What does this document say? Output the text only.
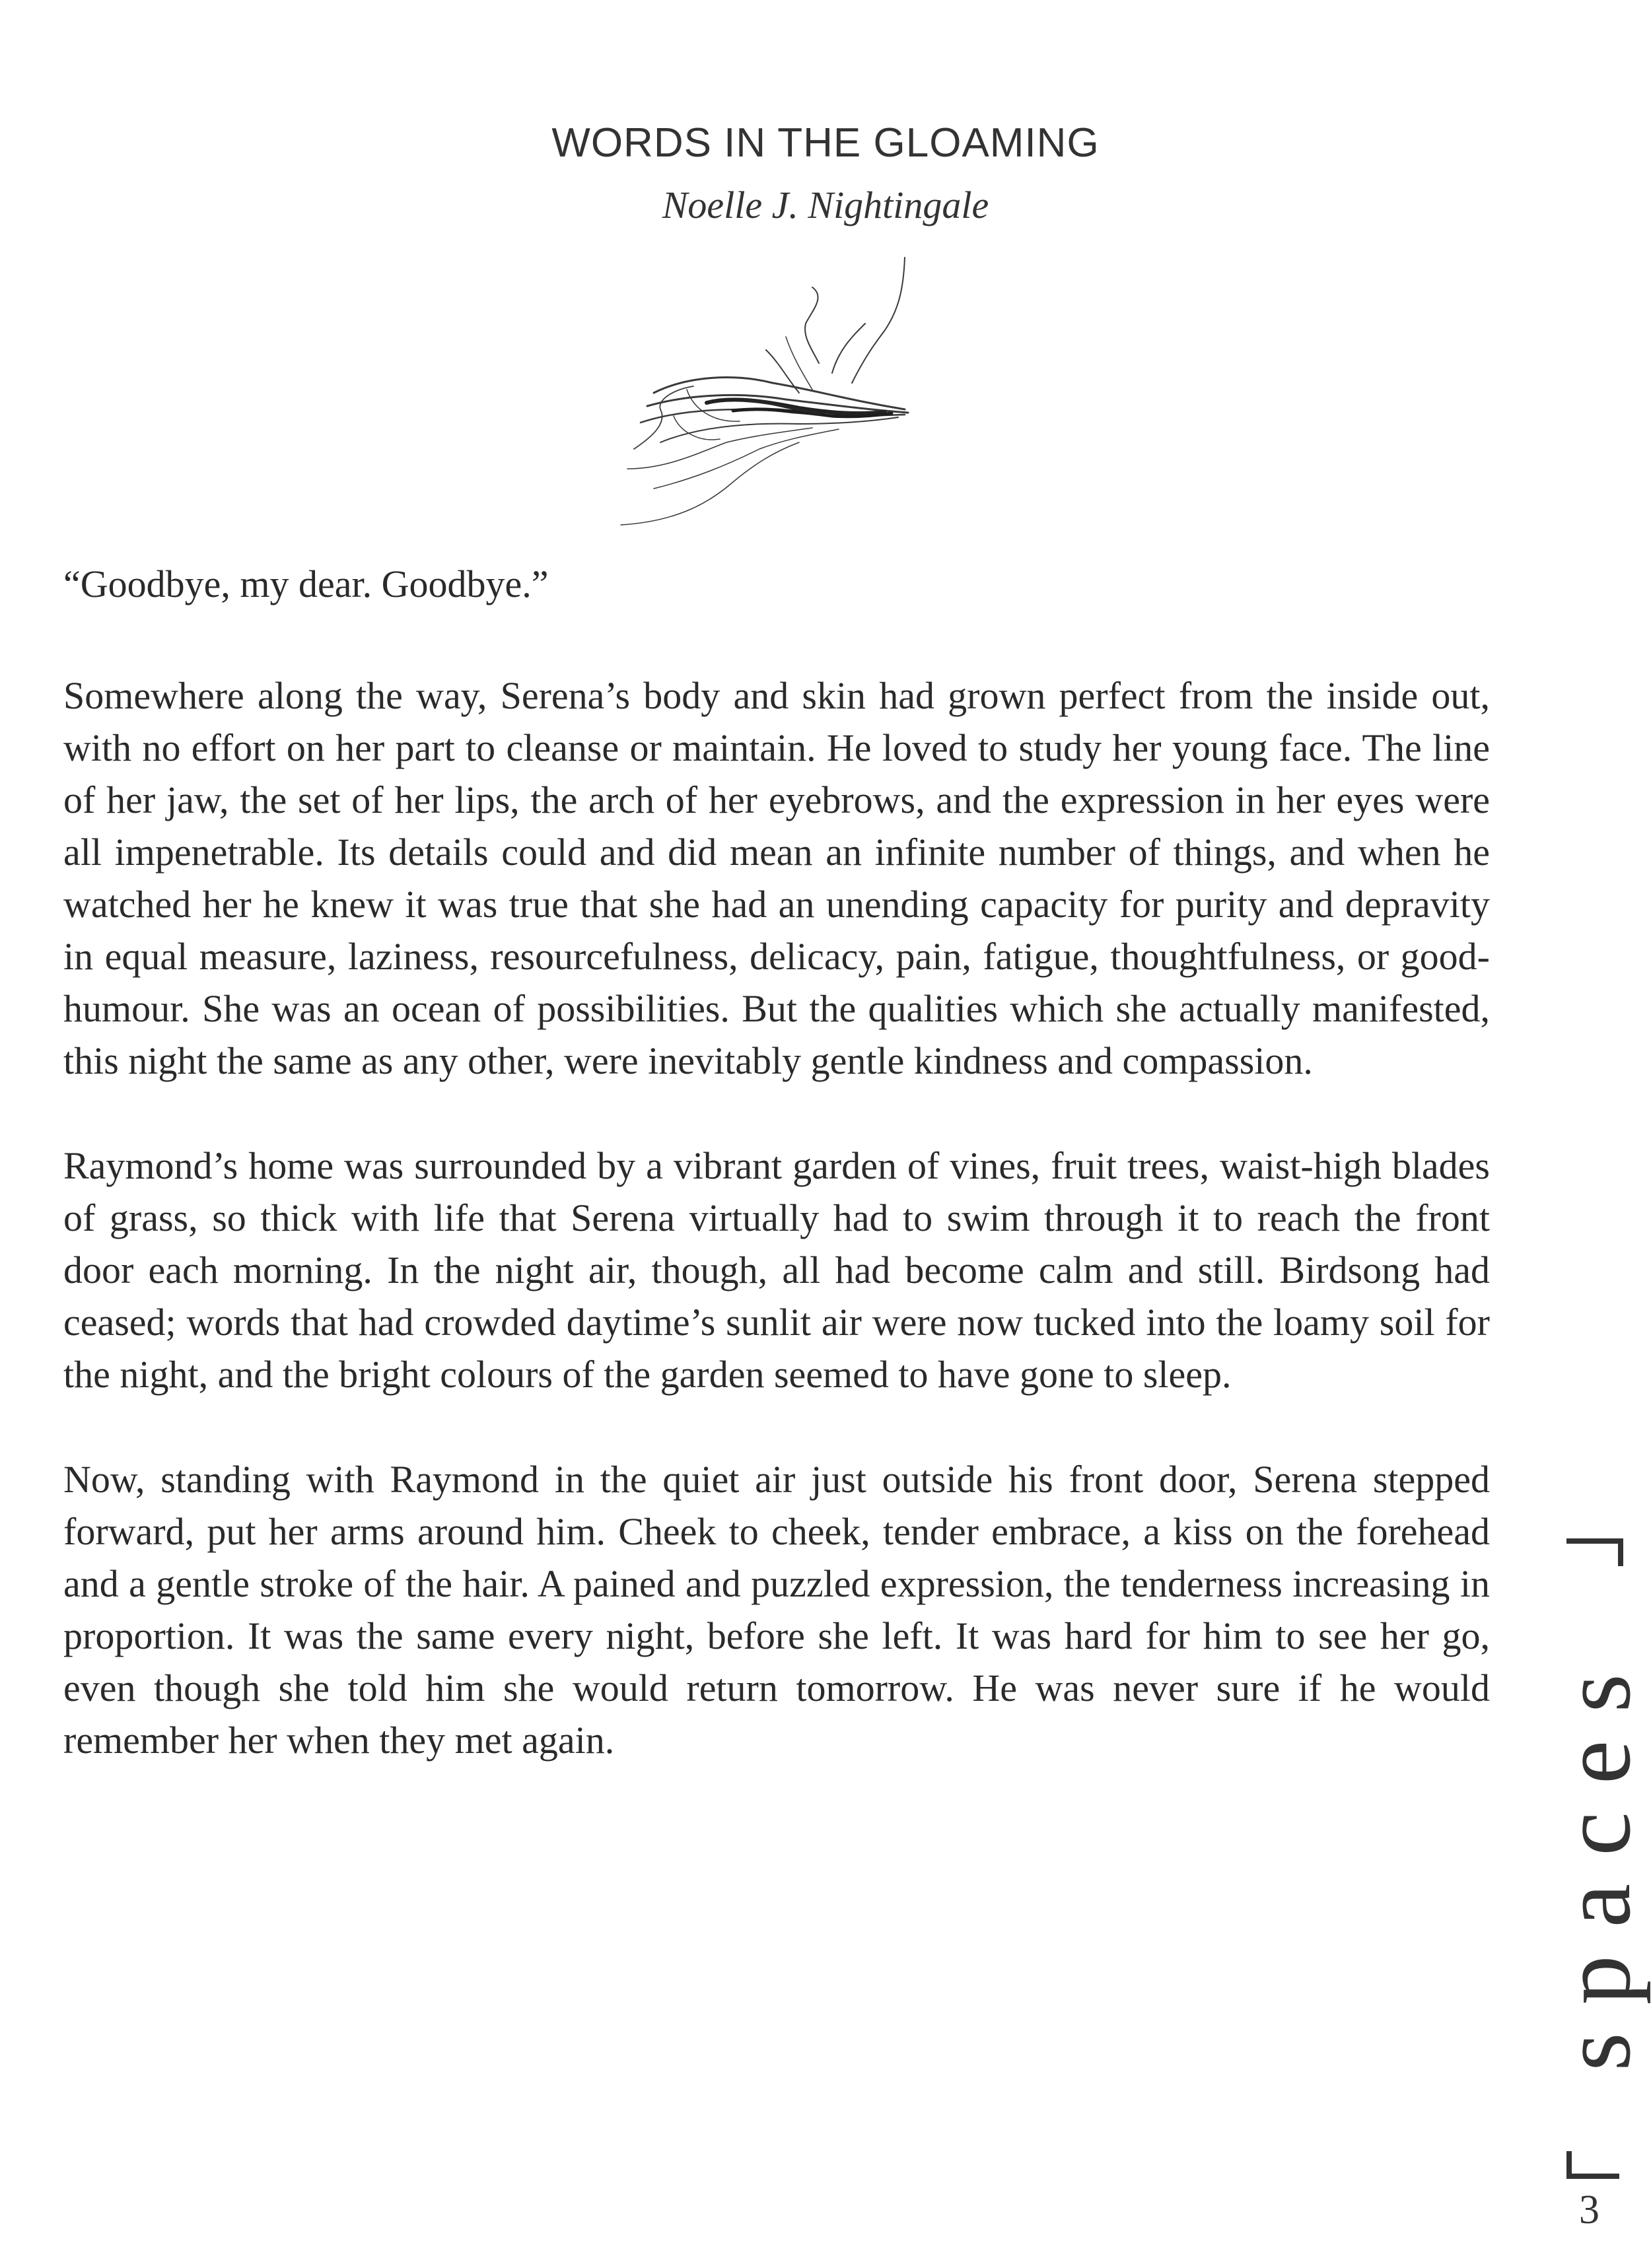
WORDS IN THE GLOAMING
Noelle J. Nightingale

“Goodbye, my dear. Goodbye.”

Somewhere along the way, Serena’s body and skin had grown perfect from the inside out, with no effort on her part to cleanse or maintain. He loved to study her young face. The line of her jaw, the set of her lips, the arch of her eyebrows, and the expression in her eyes were all impenetrable. Its details could and did mean an infinite number of things, and when he watched her he knew it was true that she had an unending capacity for purity and depravity in equal measure, laziness, resourcefulness, delicacy, pain, fatigue, thoughtfulness, or good-humour. She was an ocean of possibilities. But the qualities which she actually manifested, this night the same as any other, were inevitably gentle kindness and compassion.

Raymond’s home was surrounded by a vibrant garden of vines, fruit trees, waist-high blades of grass, so thick with life that Serena virtually had to swim through it to reach the front door each morning. In the night air, though, all had become calm and still. Birdsong had ceased; words that had crowded daytime’s sunlit air were now tucked into the loamy soil for the night, and the bright colours of the garden seemed to have gone to sleep.

Now, standing with Raymond in the quiet air just outside his front door, Serena stepped forward, put her arms around him. Cheek to cheek, tender embrace, a kiss on the forehead and a gentle stroke of the hair. A pained and puzzled expression, the tenderness increasing in proportion. It was the same every night, before she left. It was hard for him to see her go, even though she told him she would return tomorrow. He was never sure if he would remember her when they met again.	spaces
3
